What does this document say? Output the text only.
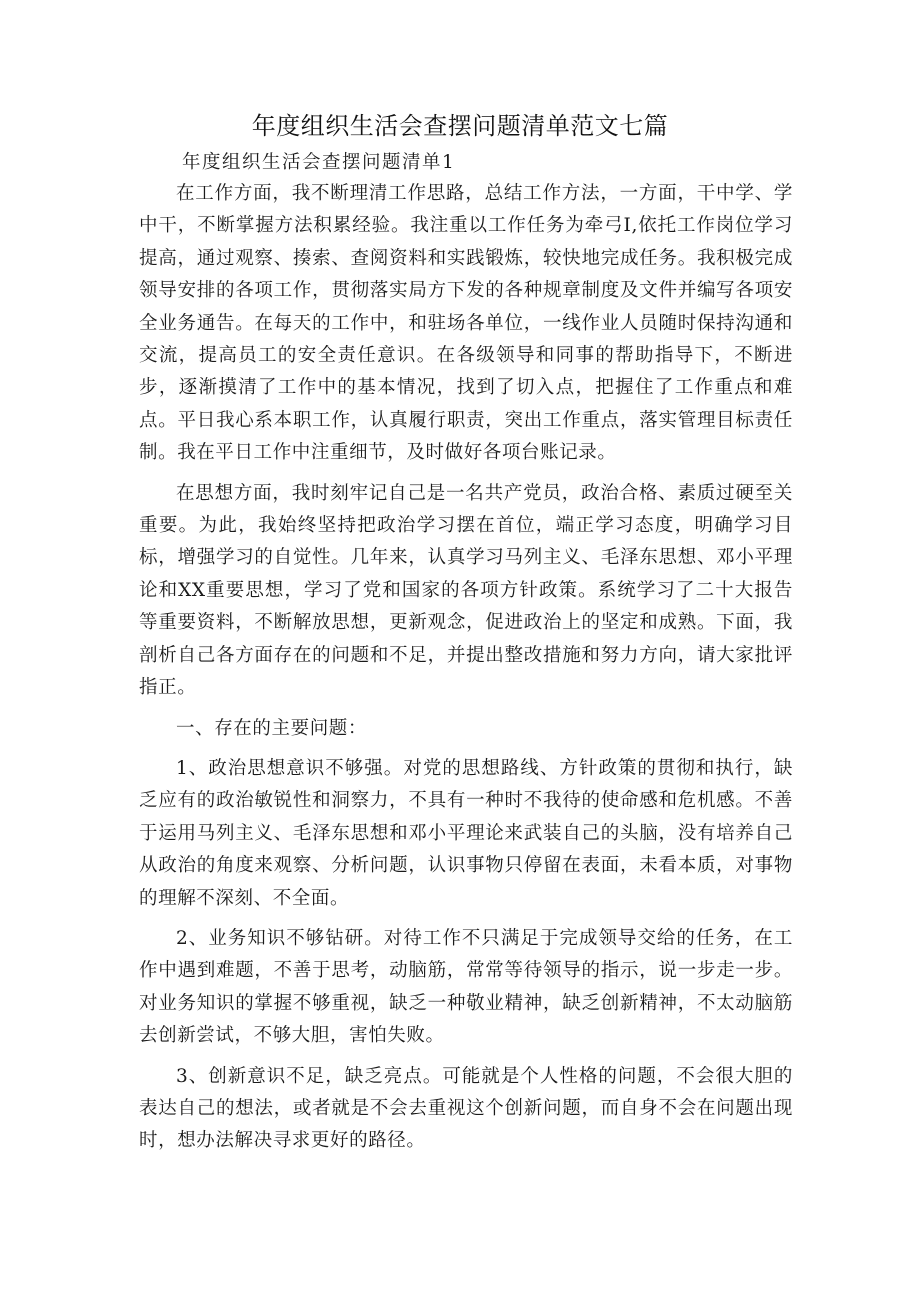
年度组织生活会查摆问题清单范文七篇

年度组织生活会查摆问题清单1

在工作方面，我不断理清工作思路，总结工作方法，一方面，干中学、学中干，不断掌握方法积累经验。我注重以工作任务为牵弓I,依托工作岗位学习提高，通过观察、揍索、查阅资料和实践锻炼，较快地完成任务。我积极完成领导安排的各项工作，贯彻落实局方下发的各种规章制度及文件并编写各项安全业务通告。在每天的工作中，和驻场各单位，一线作业人员随时保持沟通和交流，提高员工的安全责任意识。在各级领导和同事的帮助指导下，不断进步，逐渐摸清了工作中的基本情况，找到了切入点，把握住了工作重点和难点。平日我心系本职工作，认真履行职责，突出工作重点，落实管理目标责任制。我在平日工作中注重细节，及时做好各项台账记录。

在思想方面，我时刻牢记自己是一名共产党员，政治合格、素质过硬至关重要。为此，我始终坚持把政治学习摆在首位，端正学习态度，明确学习目标，增强学习的自觉性。几年来，认真学习马列主义、毛泽东思想、邓小平理论和XX重要思想，学习了党和国家的各项方针政策。系统学习了二十大报告等重要资料，不断解放思想，更新观念，促进政治上的坚定和成熟。下面，我剖析自己各方面存在的问题和不足，并提出整改措施和努力方向，请大家批评指正。

一、存在的主要问题：

1、政治思想意识不够强。对党的思想路线、方针政策的贯彻和执行，缺乏应有的政治敏锐性和洞察力，不具有一种时不我待的使命感和危机感。不善于运用马列主义、毛泽东思想和邓小平理论来武装自己的头脑，没有培养自己从政治的角度来观察、分析问题，认识事物只停留在表面，未看本质，对事物的理解不深刻、不全面。

2、业务知识不够钻研。对待工作不只满足于完成领导交给的任务，在工作中遇到难题，不善于思考，动脑筋，常常等待领导的指示，说一步走一步。对业务知识的掌握不够重视，缺乏一种敬业精神，缺乏创新精神，不太动脑筋去创新尝试，不够大胆，害怕失败。

3、创新意识不足，缺乏亮点。可能就是个人性格的问题，不会很大胆的表达自己的想法，或者就是不会去重视这个创新问题，而自身不会在问题出现时，想办法解决寻求更好的路径。
